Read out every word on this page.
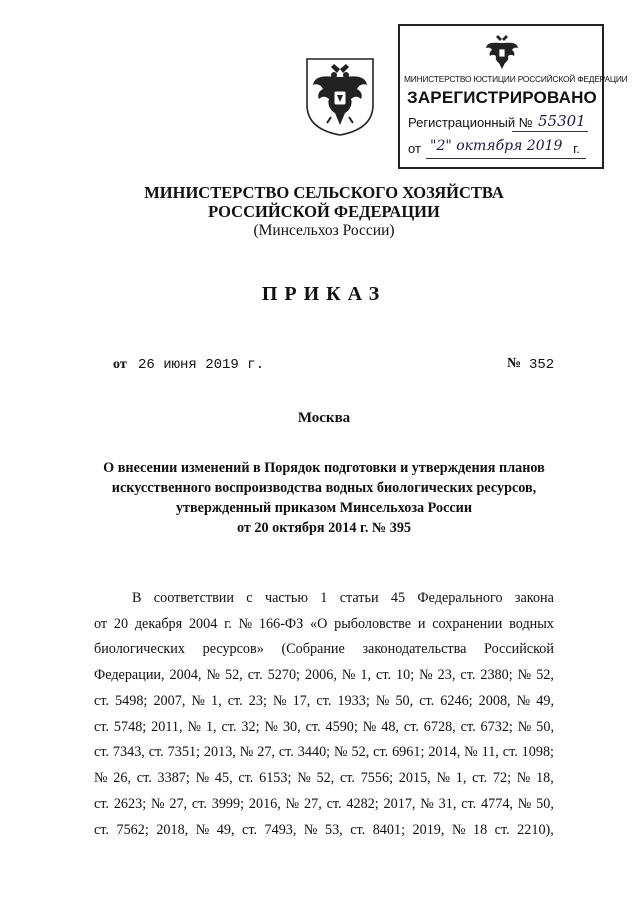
МИНИСТЕРСТВО ЮСТИЦИИ РОССИЙСКОЙ ФЕДЕРАЦИИ
ЗАРЕГИСТРИРОВАНО
Регистрационный № 55301
от	г.
"2" октября 2019
МИНИСТЕРСТВО СЕЛЬСКОГО ХОЗЯЙСТВА
РОССИЙСКОЙ ФЕДЕРАЦИИ
(Минсельхоз России)
ПРИКАЗ
от 26 июня 2019 г.	№ 352
Москва
О внесении изменений в Порядок подготовки и утверждения планов
искусственного воспроизводства водных биологических ресурсов,
утвержденный приказом Минсельхоза России
от 20 октября 2014 г. № 395
В соответствии с частью 1 статьи 45 Федерального закона
от 20 декабря 2004 г. № 166-ФЗ «О рыболовстве и сохранении водных
биологических ресурсов» (Собрание законодательства Российской
Федерации, 2004, № 52, ст. 5270; 2006, № 1, ст. 10; № 23, ст. 2380; № 52,
ст. 5498; 2007, № 1, ст. 23; № 17, ст. 1933; № 50, ст. 6246; 2008, № 49,
ст. 5748; 2011, № 1, ст. 32; № 30, ст. 4590; № 48, ст. 6728, ст. 6732; № 50,
ст. 7343, ст. 7351; 2013, № 27, ст. 3440; № 52, ст. 6961; 2014, № 11, ст. 1098;
№ 26, ст. 3387; № 45, ст. 6153; № 52, ст. 7556; 2015, № 1, ст. 72; № 18,
ст. 2623; № 27, ст. 3999; 2016, № 27, ст. 4282; 2017, № 31, ст. 4774, № 50,
ст. 7562; 2018, № 49, ст. 7493, № 53, ст. 8401; 2019, № 18 ст. 2210),
